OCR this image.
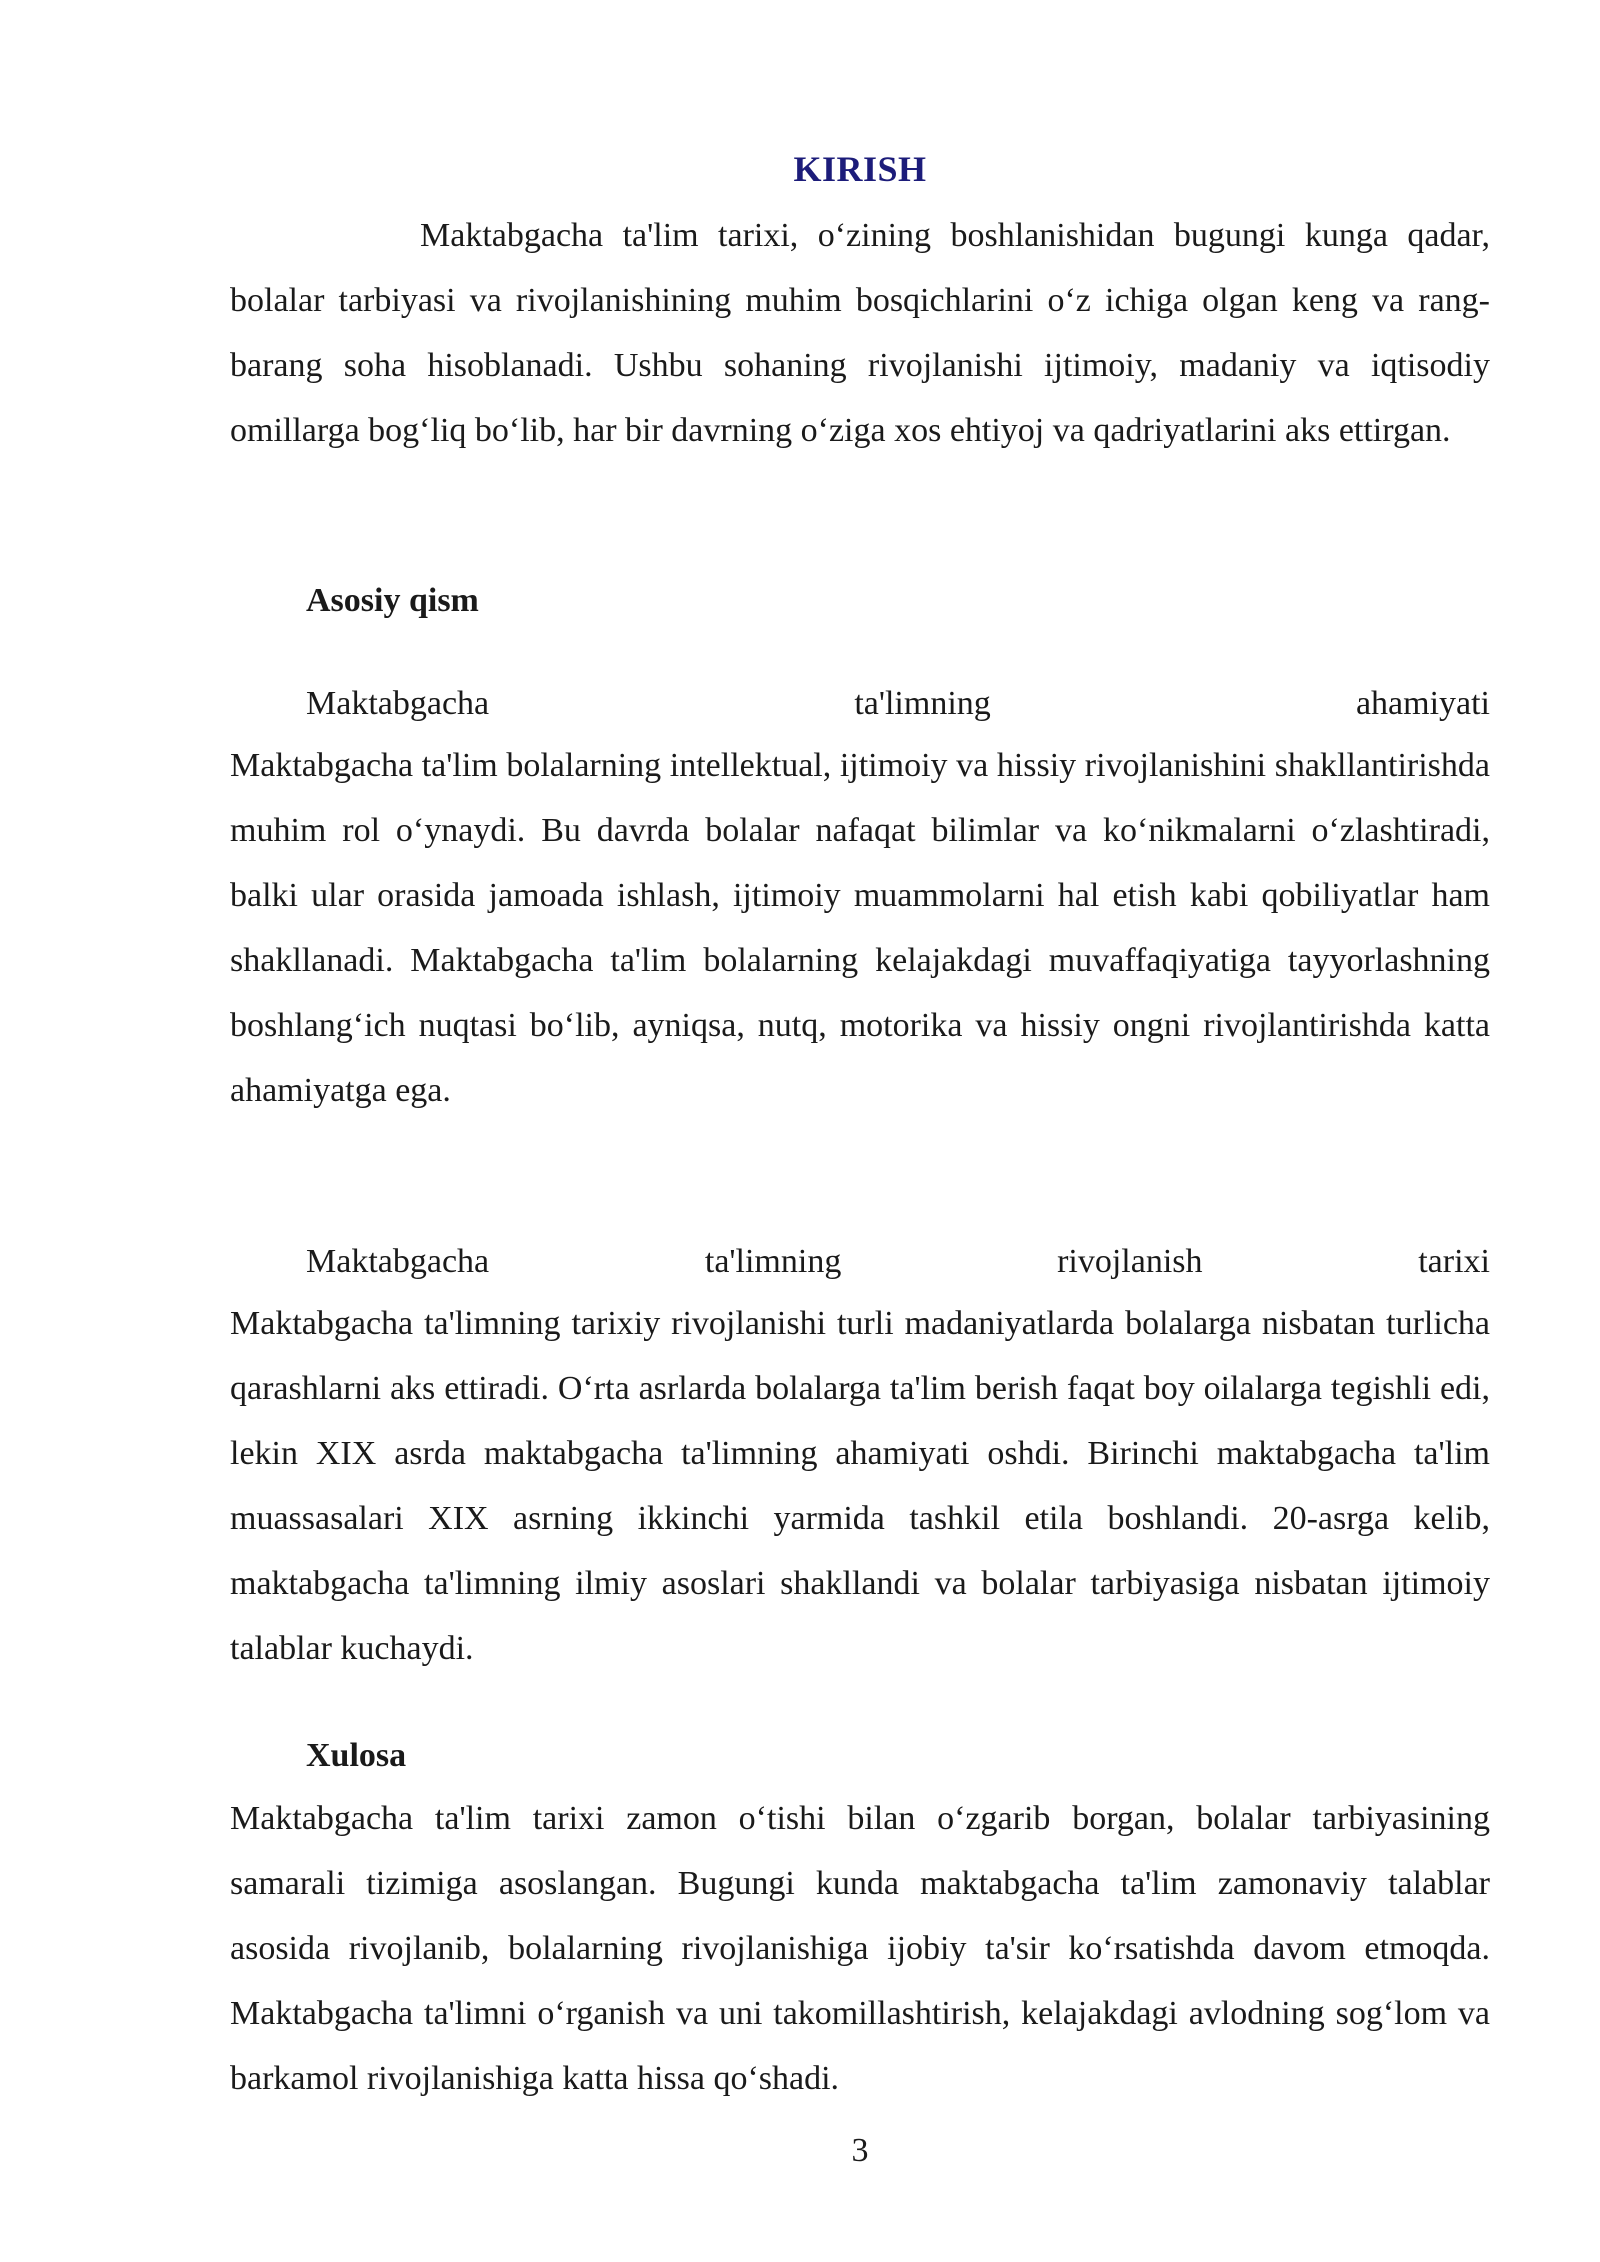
KIRISH

Maktabgacha ta'lim tarixi, o‘zining boshlanishidan bugungi kunga qadar, bolalar tarbiyasi va rivojlanishining muhim bosqichlarini o‘z ichiga olgan keng va rang-barang soha hisoblanadi. Ushbu sohaning rivojlanishi ijtimoiy, madaniy va iqtisodiy omillarga bog‘liq bo‘lib, har bir davrning o‘ziga xos ehtiyoj va qadriyatlarini aks ettirgan.

Asosiy qism
Maktabgacha	ta'limning	ahamiyati

Maktabgacha ta'lim bolalarning intellektual, ijtimoiy va hissiy rivojlanishini shakllantirishda muhim rol o‘ynaydi. Bu davrda bolalar nafaqat bilimlar va ko‘nikmalarni o‘zlashtiradi, balki ular orasida jamoada ishlash, ijtimoiy muammolarni hal etish kabi qobiliyatlar ham shakllanadi. Maktabgacha ta'lim bolalarning kelajakdagi muvaffaqiyatiga tayyorlashning boshlang‘ich nuqtasi bo‘lib, ayniqsa, nutq, motorika va hissiy ongni rivojlantirishda katta ahamiyatga ega.

Maktabgacha	ta'limning	rivojlanish	tarixi

Maktabgacha ta'limning tarixiy rivojlanishi turli madaniyatlarda bolalarga nisbatan turlicha qarashlarni aks ettiradi. O‘rta asrlarda bolalarga ta'lim berish faqat boy oilalarga tegishli edi, lekin XIX asrda maktabgacha ta'limning ahamiyati oshdi. Birinchi maktabgacha ta'lim muassasalari XIX asrning ikkinchi yarmida tashkil etila boshlandi. 20-asrga kelib, maktabgacha ta'limning ilmiy asoslari shakllandi va bolalar tarbiyasiga nisbatan ijtimoiy talablar kuchaydi.

Xulosa

Maktabgacha ta'lim tarixi zamon o‘tishi bilan o‘zgarib borgan, bolalar tarbiyasining samarali tizimiga asoslangan. Bugungi kunda maktabgacha ta'lim zamonaviy talablar asosida rivojlanib, bolalarning rivojlanishiga ijobiy ta'sir ko‘rsatishda davom etmoqda. Maktabgacha ta'limni o‘rganish va uni takomillashtirish, kelajakdagi avlodning sog‘lom va barkamol rivojlanishiga katta hissa qo‘shadi.

3
